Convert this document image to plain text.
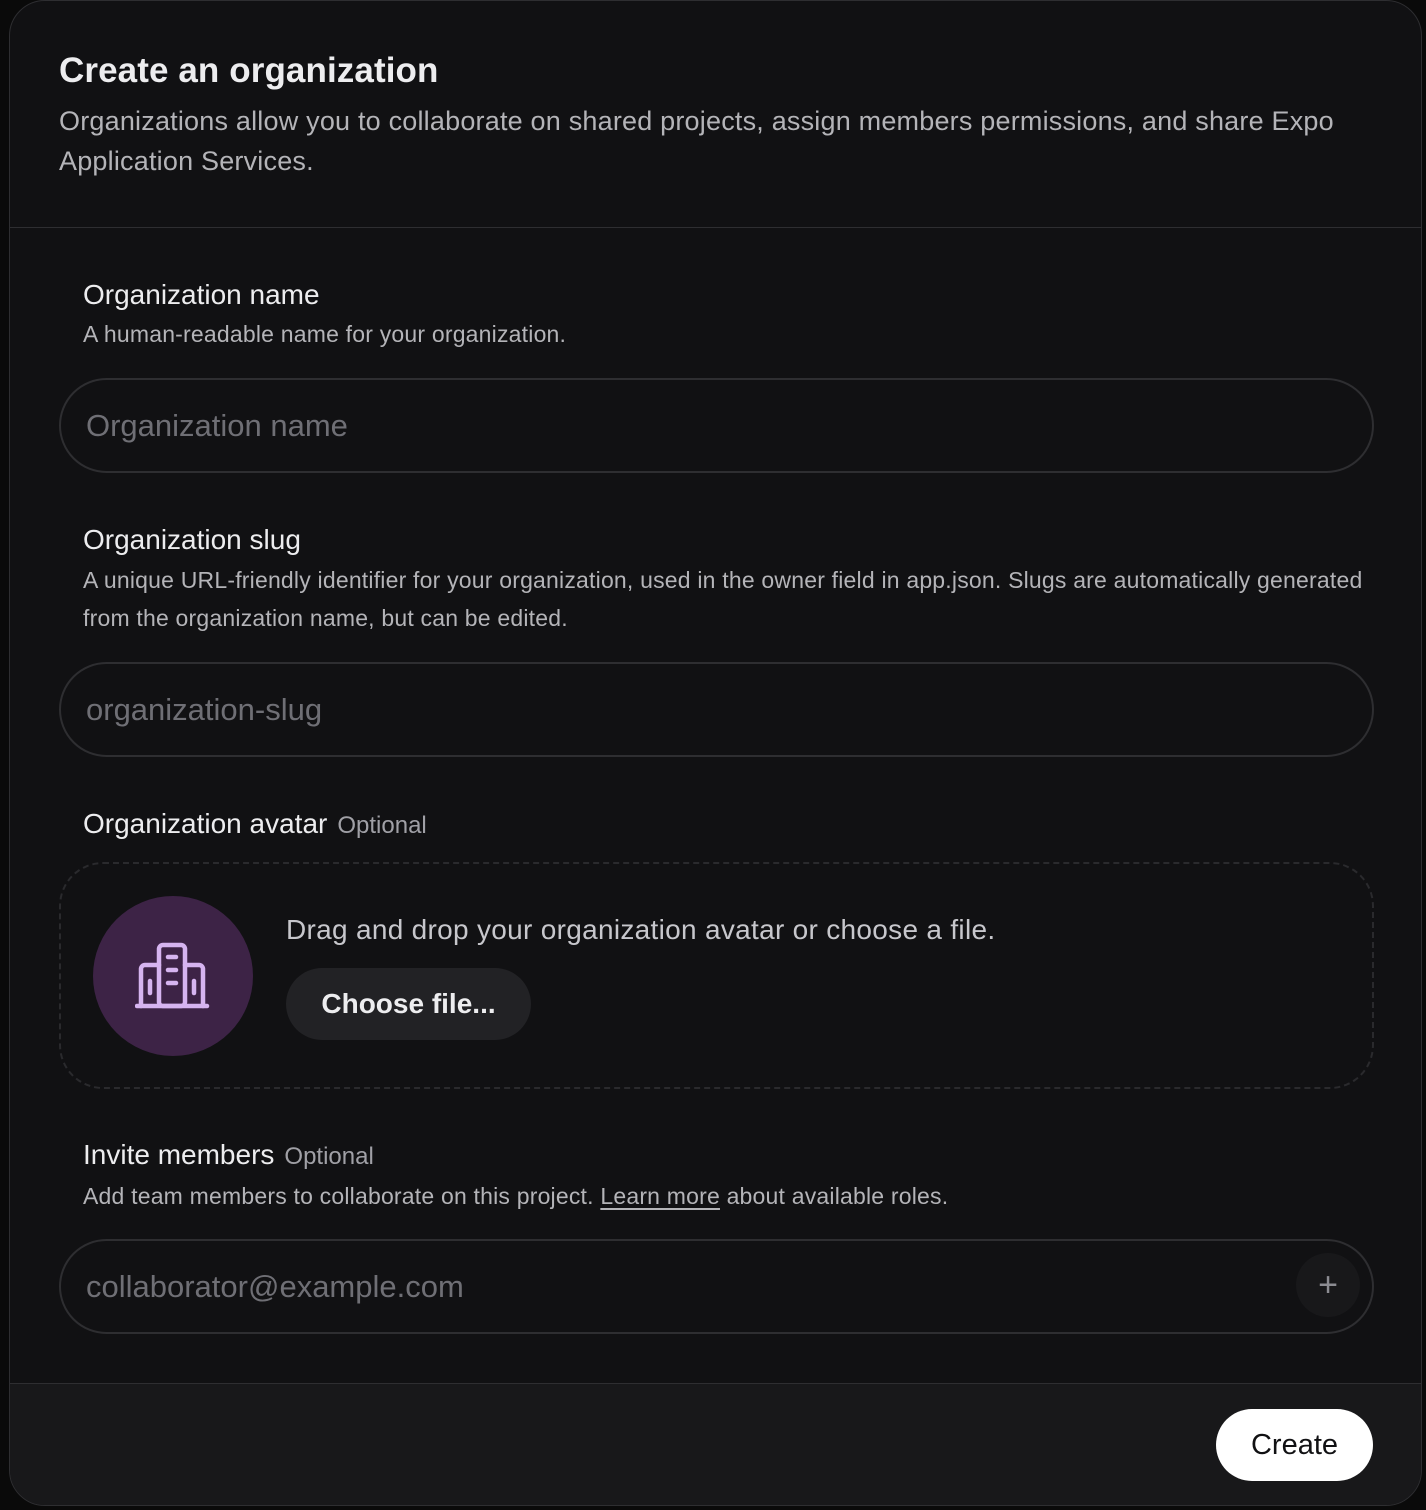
Create an organization
Organizations allow you to collaborate on shared projects, assign members permissions, and share Expo Application Services.
Organization name
A human-readable name for your organization.
Organization name
Organization slug
A unique URL-friendly identifier for your organization, used in the owner field in app.json. Slugs are automatically generated from the organization name, but can be edited.
organization-slug
Organization avatar Optional
Drag and drop your organization avatar or choose a file.
Choose file...
Invite members Optional
Add team members to collaborate on this project. Learn more about available roles.
collaborator@example.com
+
Create
